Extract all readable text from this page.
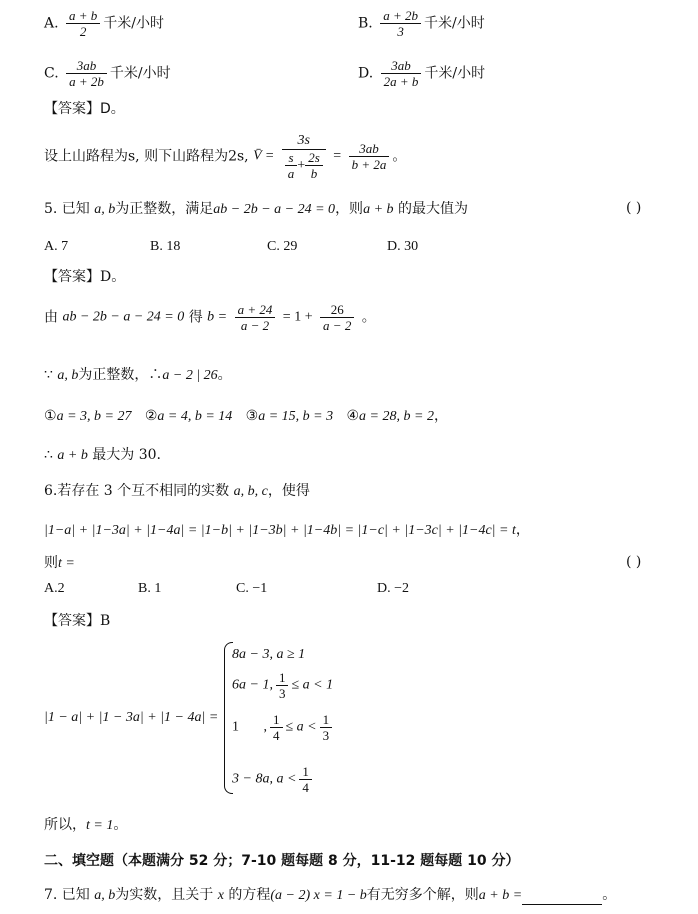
A. $\frac{a + b}{2}$ 千米/小时	B. $\frac{a + 2b}{3}$ 千米/小时
C. $\frac{3ab}{a + 2b}$ 千米/小时	D. $\frac{3ab}{2a + b}$ 千米/小时
【答案】D。
设上山路程为s, 则下山路程为2s, V̄ = $\frac{3s}{\frac{s}{a} + \frac{2s}{b}} = \frac{3ab}{b + 2a}$ 。
5. 已知 a, b为正整数，满足ab − 2b − a − 24 = 0，则a + b 的最大值为	( )
A. 7	B. 18	C. 29	D. 30
【答案】D。
由 ab − 2b − a − 24 = 0 得 $b = \frac{a + 24}{a - 2} = 1 + \frac{26}{a - 2}$ 。
∵ a, b为正整数，∴a − 2 | 26。
①a = 3, b = 27 ②a = 4, b = 14 ③a = 15, b = 3 ④a = 28, b = 2，
∴ a + b 最大为 30.
6.若存在 3 个互不相同的实数 a, b, c，使得
|1−a| + |1−3a| + |1−4a| = |1−b| + |1−3b| + |1−4b| = |1−c| + |1−3c| + |1−4c| = t，
则t =	( )
A.2	B. 1	C. −1	D. −2
【答案】B
|1 − a| + |1 − 3a| + |1 − 4a| =
8a − 3, a ≥ 1
6a − 1, $\frac{1}{3} \le a < 1$
1 , $\frac{1}{4} \le a < \frac{1}{3}$
3 − 8a, $a < \frac{1}{4}$
所以，t = 1。
二、填空题（本题满分 52 分；7-10 题每题 8 分，11-12 题每题 10 分）
7. 已知 a, b为实数，且关于 x 的方程(a − 2) x = 1 − b有无穷多个解，则a + b =	。
